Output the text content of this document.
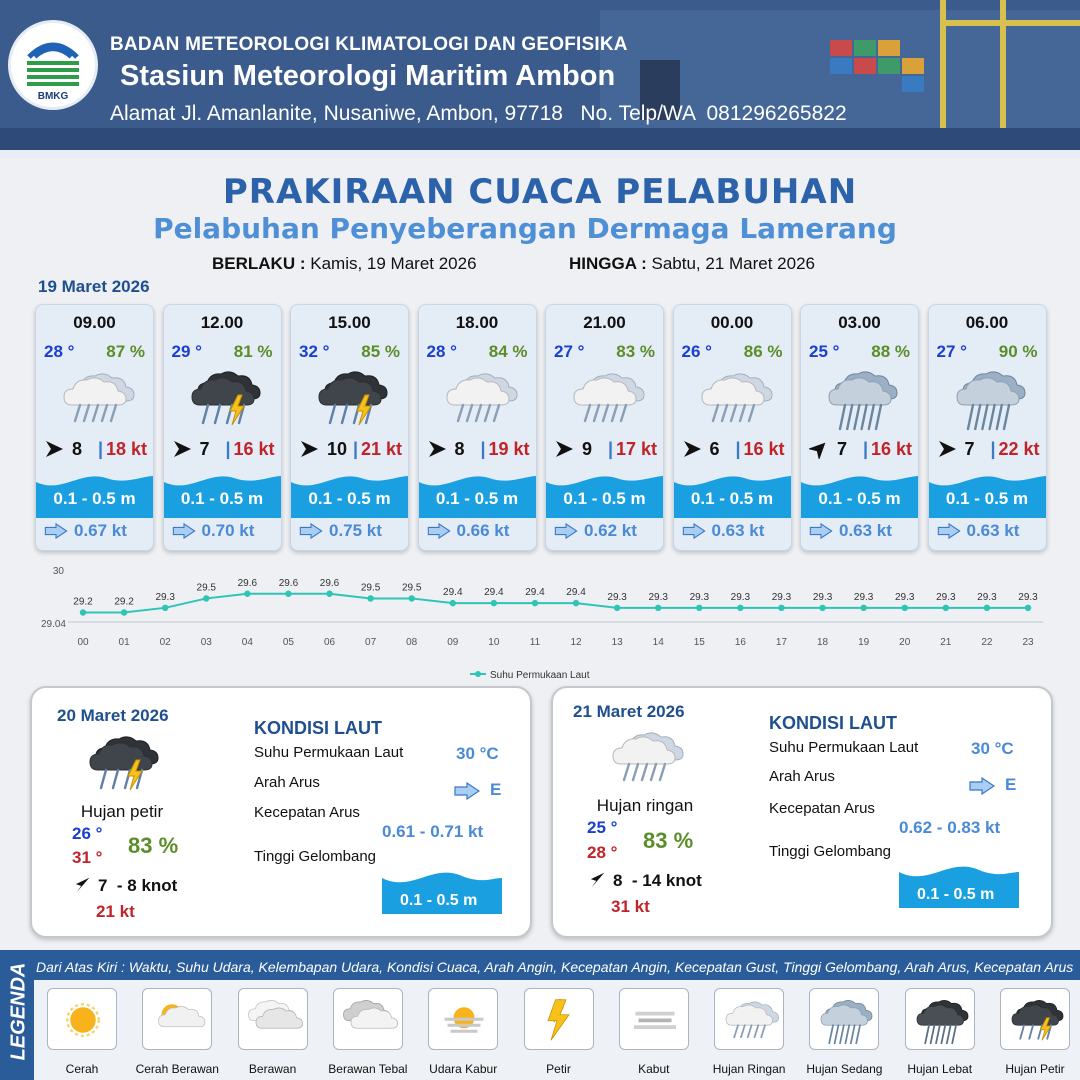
BMKG
BADAN METEOROLOGI KLIMATOLOGI DAN GEOFISIKA
Stasiun Meteorologi Maritim Ambon
Alamat Jl. Amanlanite, Nusaniwe, Ambon, 97718   No. Telp/WA  081296265822
PRAKIRAAN CUACA PELABUHAN
Pelabuhan Penyeberangan Dermaga Lamerang
BERLAKU : Kamis, 19 Maret 2026	HINGGA : Sabtu, 21 Maret 2026
19 Maret 2026
09.00
28 ° 87 %
8 | 18 kt
0.1 - 0.5 m
0.67 kt
12.00
29 ° 81 %
7 | 16 kt
0.1 - 0.5 m
0.70 kt
15.00
32 ° 85 %
10 | 21 kt
0.1 - 0.5 m
0.75 kt
18.00
28 ° 84 %
8 | 19 kt
0.1 - 0.5 m
0.66 kt
21.00
27 ° 83 %
9 | 17 kt
0.1 - 0.5 m
0.62 kt
00.00
26 ° 86 %
6 | 16 kt
0.1 - 0.5 m
0.63 kt
03.00
25 ° 88 %
7 | 16 kt
0.1 - 0.5 m
0.63 kt
06.00
27 ° 90 %
7 | 22 kt
0.1 - 0.5 m
0.63 kt
30
29.04
29.2
00
29.2
01
29.3
02
29.5
03
29.6
04
29.6
05
29.6
06
29.5
07
29.5
08
29.4
09
29.4
10
29.4
11
29.4
12
29.3
13
29.3
14
29.3
15
29.3
16
29.3
17
29.3
18
29.3
19
29.3
20
29.3
21
29.3
22
29.3
23
Suhu Permukaan Laut
20 Maret 2026
Hujan petir
26 °
31 ° 83 %
7  - 8 knot
21 kt
KONDISI LAUT
Suhu Permukaan Laut	30 °C
Arah Arus	E
Kecepatan Arus
0.61 - 0.71 kt
Tinggi Gelombang
0.1 - 0.5 m
21 Maret 2026
Hujan ringan
25 °
28 ° 83 %
8  - 14 knot
31 kt
KONDISI LAUT
Suhu Permukaan Laut	30 °C
Arah Arus	E
Kecepatan Arus
0.62 - 0.83 kt
Tinggi Gelombang
0.1 - 0.5 m
LEGENDA Dari Atas Kiri : Waktu, Suhu Udara, Kelembapan Udara, Kondisi Cuaca, Arah Angin, Kecepatan Angin, Kecepatan Gust, Tinggi Gelombang, Arah Arus, Kecepatan Arus
Cerah	Cerah Berawan	Berawan	Berawan Tebal	Udara Kabur	Petir	Kabut	Hujan Ringan	Hujan Sedang	Hujan Lebat	Hujan Petir
